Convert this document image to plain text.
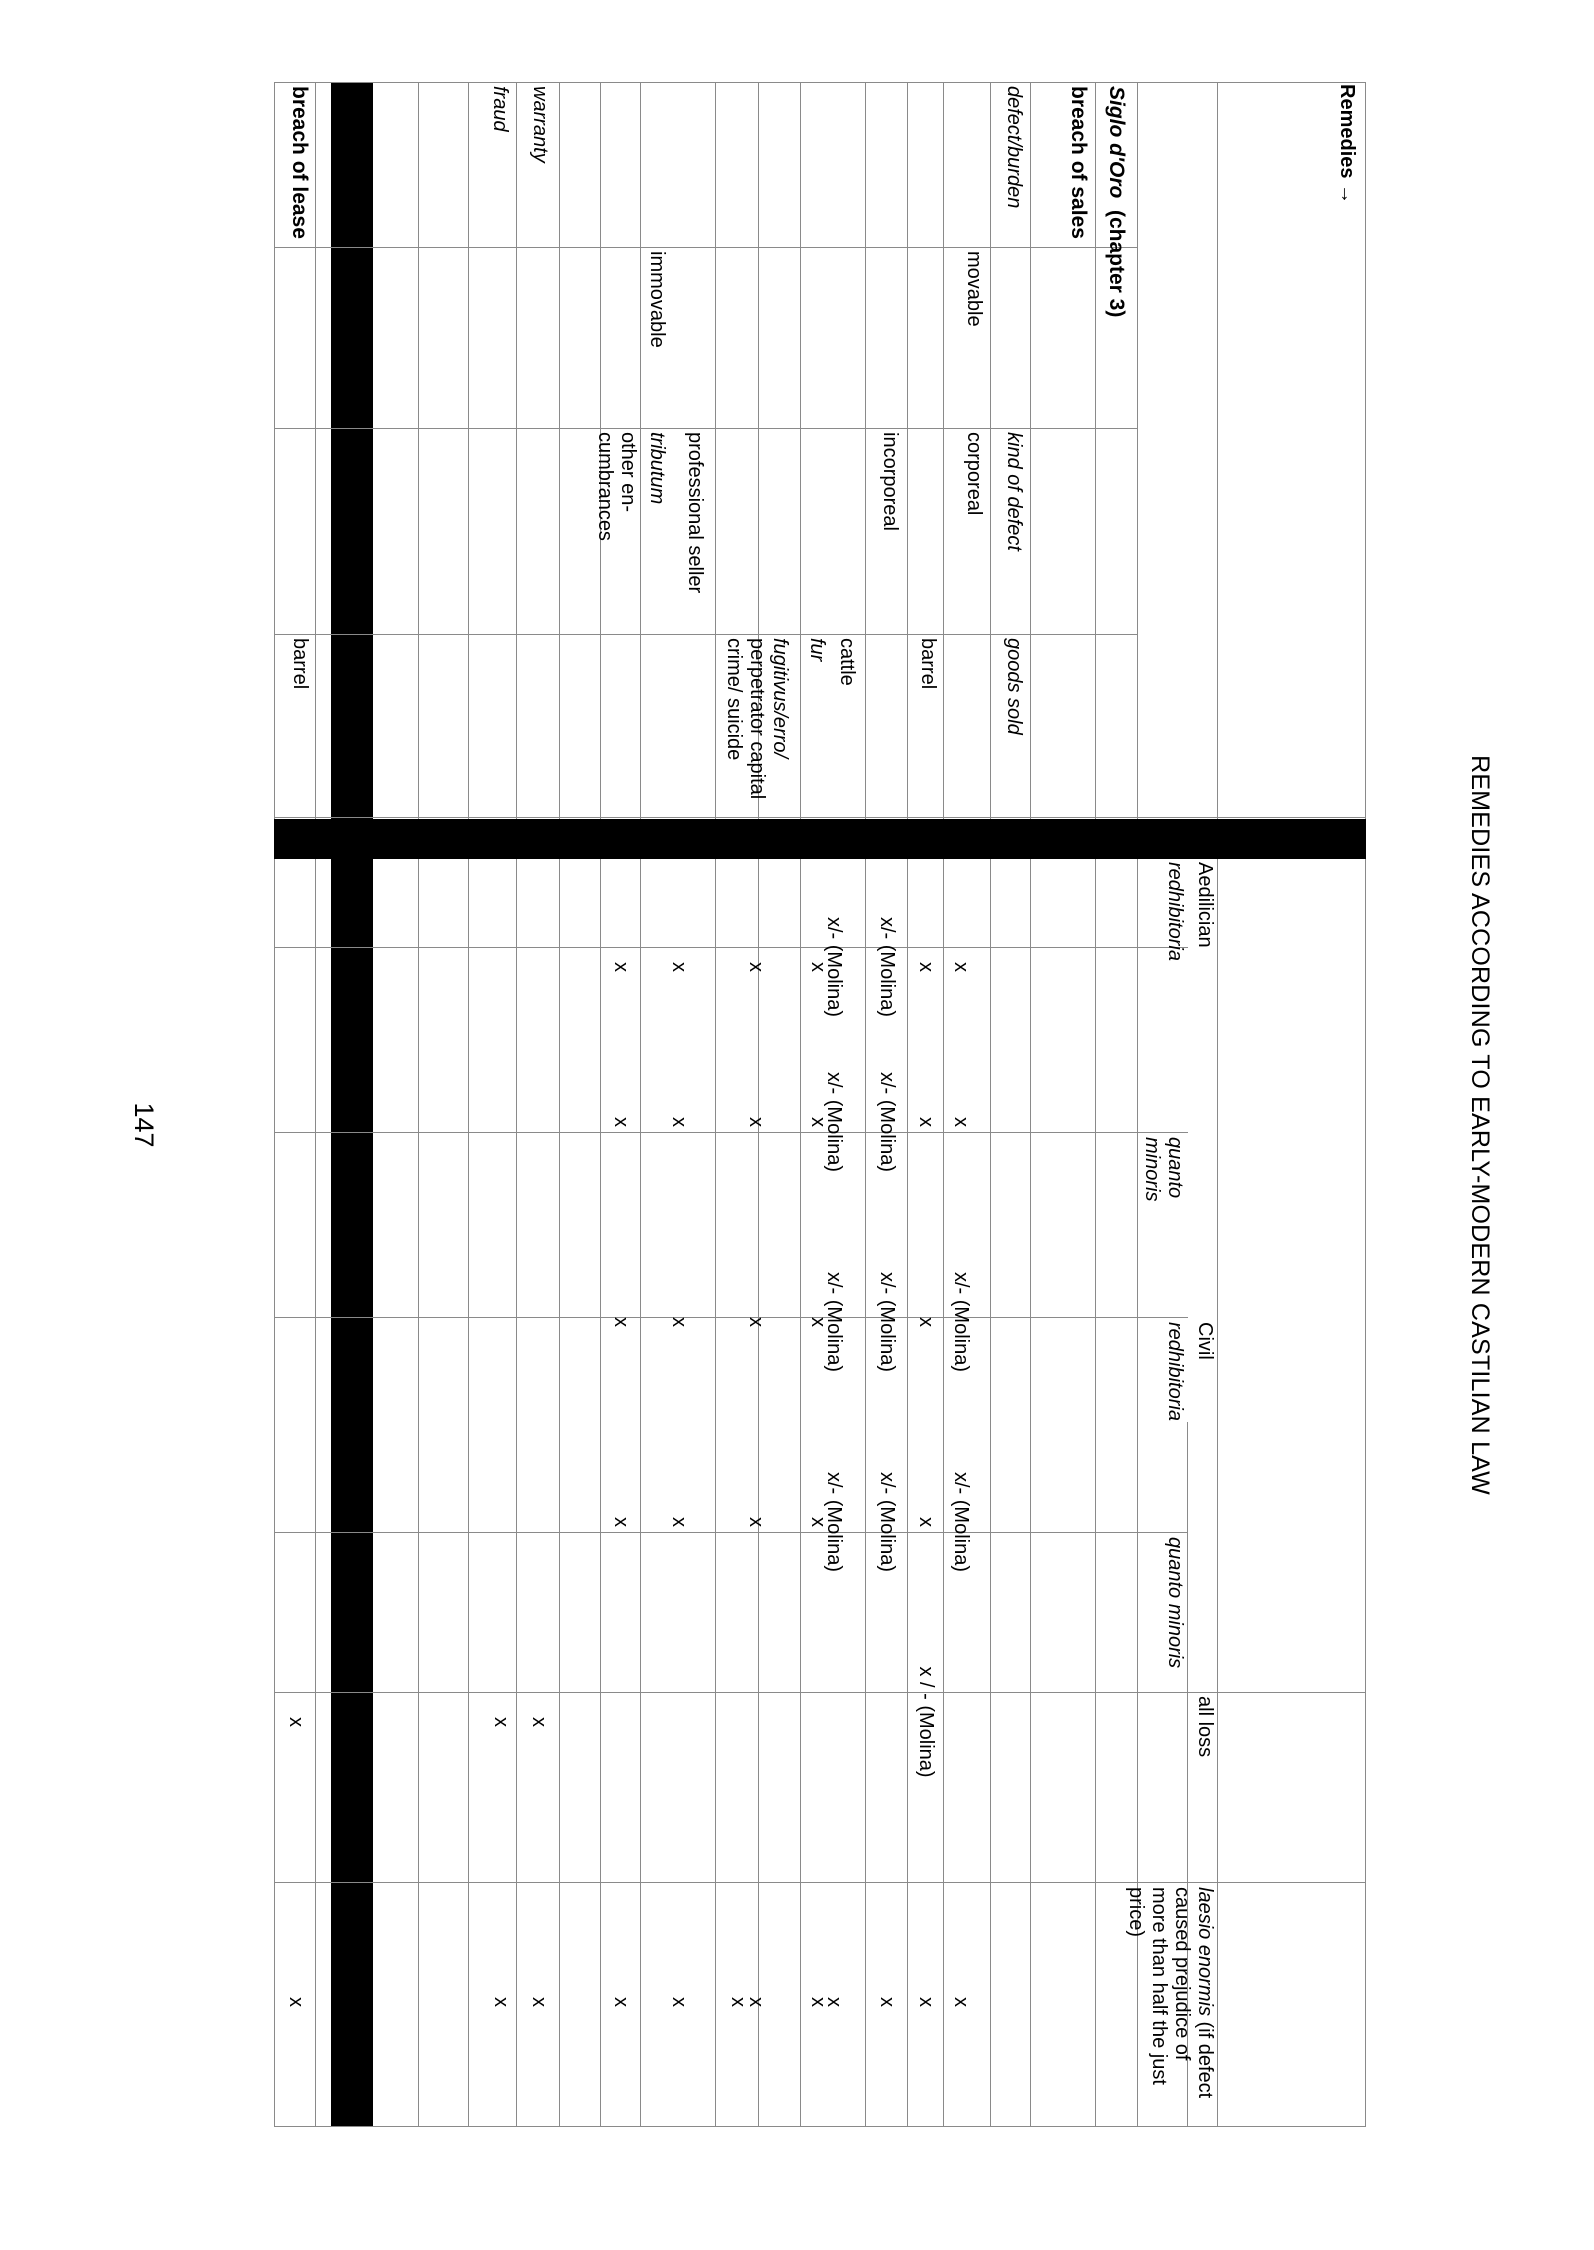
REMEDIES ACCORDING TO EARLY-MODERN CASTILIAN LAW
Remedies →
Aedilician
Civil
redhibitoria
quanto
minoris
redhibitoria
quanto minoris
all loss
laesio enormis (if defect
caused prejudice of
more than half the just
price)
Siglo d'Oro  (chapter 3)
breach of sales
defect/burden
kind of defect
goods sold
movable
corporeal
barrel
incorporeal
cattle
fur
fugitivus/erro/
perpetrator capital
crime/ suicide
professional seller
immovable
tributum
other en-
cumbrances
fraud warranty
breach of lease
barrel
x
x
x/- (Molina)
x/- (Molina)
x
x
x
x
x
x / - (Molina)
x
x/- (Molina)
x/- (Molina)
x/- (Molina)
x/- (Molina)
x
x/- (Molina)
x/- (Molina)
x/- (Molina)
x/- (Molina)
x
x
x
x
x
x
x
x
x
x
x
x
x
x
x
x
x
x
x
x
x
x
x
x
x
x
x
x
147
